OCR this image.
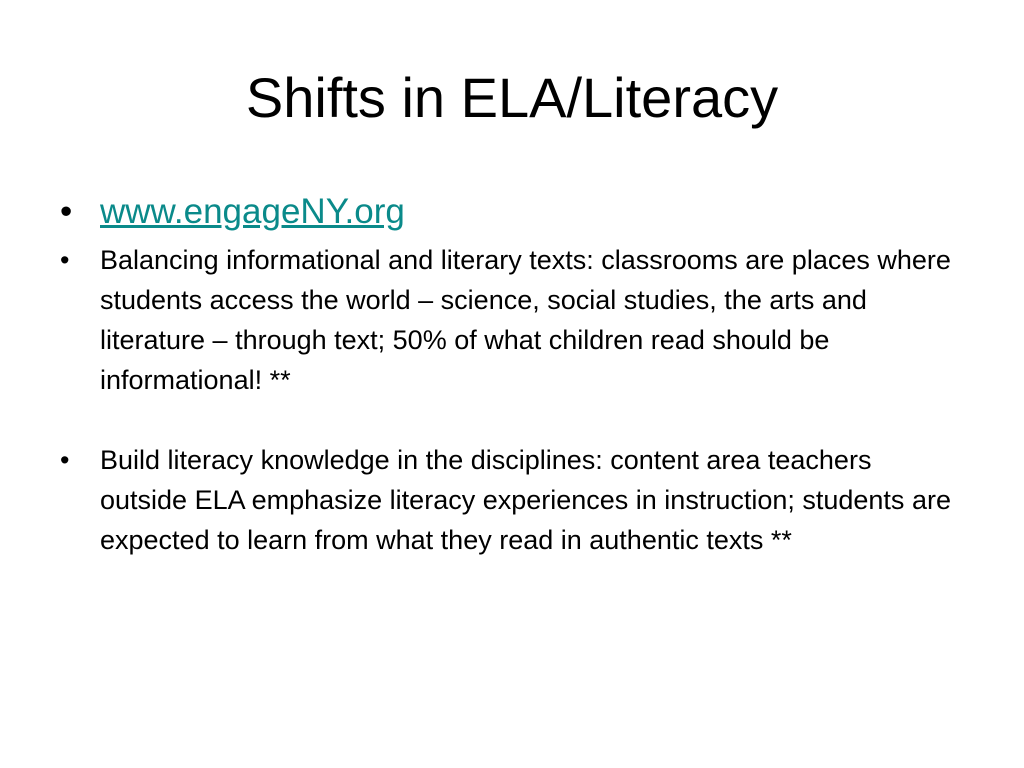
Shifts in ELA/Literacy
• www.engageNY.org
• Balancing informational and literary texts: classrooms are places where students access the world – science, social studies, the arts and literature – through text; 50% of what children read should be informational! **
• Build literacy knowledge in the disciplines: content area teachers outside ELA emphasize literacy experiences in instruction; students are expected to learn from what they read in authentic texts **
